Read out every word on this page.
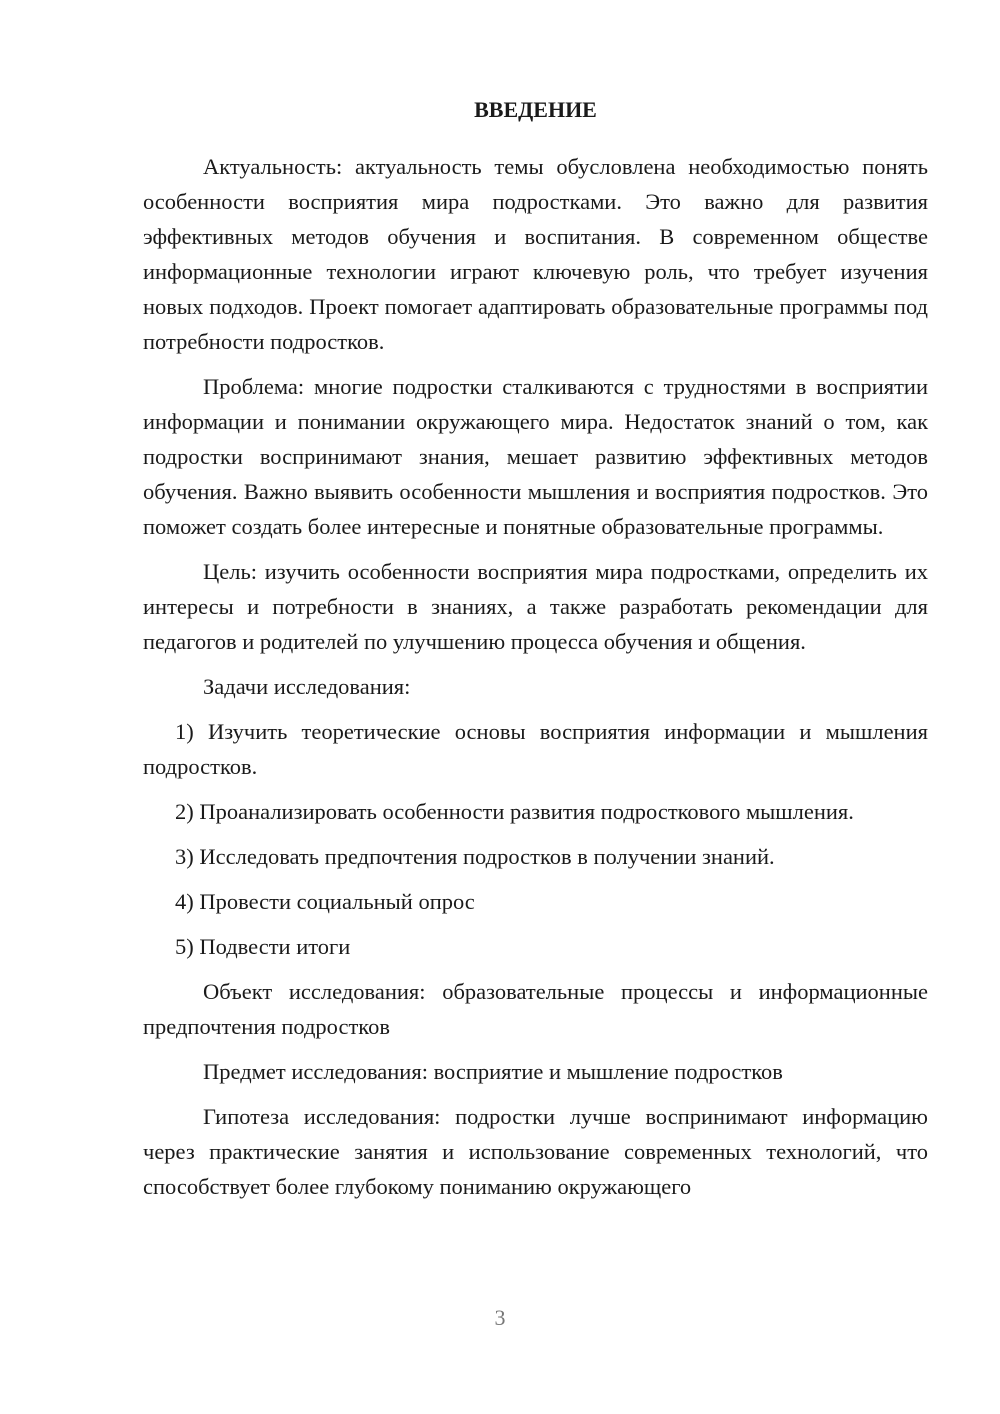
ВВЕДЕНИЕ

Актуальность: актуальность темы обусловлена необходимостью понять особенности восприятия мира подростками. Это важно для развития эффективных методов обучения и воспитания. В современном обществе информационные технологии играют ключевую роль, что требует изучения новых подходов. Проект помогает адаптировать образовательные программы под потребности подростков.

Проблема: многие подростки сталкиваются с трудностями в восприятии информации и понимании окружающего мира. Недостаток знаний о том, как подростки воспринимают знания, мешает развитию эффективных методов обучения. Важно выявить особенности мышления и восприятия подростков. Это поможет создать более интересные и понятные образовательные программы.

Цель: изучить особенности восприятия мира подростками, определить их интересы и потребности в знаниях, а также разработать рекомендации для педагогов и родителей по улучшению процесса обучения и общения.

Задачи исследования:

1) Изучить теоретические основы восприятия информации и мышления подростков.

2) Проанализировать особенности развития подросткового мышления.

3) Исследовать предпочтения подростков в получении знаний.

4) Провести социальный опрос

5) Подвести итоги

Объект исследования: образовательные процессы и информационные предпочтения подростков

Предмет исследования: восприятие и мышление подростков

Гипотеза исследования: подростки лучше воспринимают информацию через практические занятия и использование современных технологий, что способствует более глубокому пониманию окружающего

3
